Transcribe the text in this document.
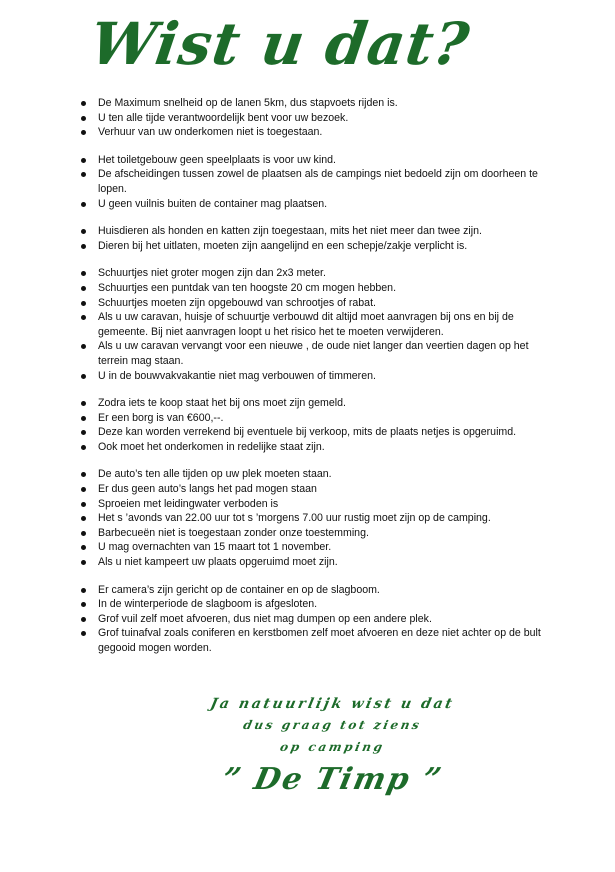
Wist u dat?
De Maximum snelheid op de lanen 5km, dus stapvoets rijden is.
U ten alle tijde verantwoordelijk bent voor uw bezoek.
Verhuur van uw onderkomen niet is toegestaan.
Het toiletgebouw geen speelplaats is voor uw kind.
De afscheidingen tussen zowel de plaatsen als de campings niet bedoeld zijn om doorheen te lopen.
U geen vuilnis buiten de container mag plaatsen.
Huisdieren als honden en katten zijn toegestaan, mits het niet meer dan twee zijn.
Dieren bij het uitlaten, moeten zijn aangelijnd en een schepje/zakje verplicht is.
Schuurtjes niet groter mogen zijn dan 2x3 meter.
Schuurtjes een puntdak van ten hoogste 20 cm mogen hebben.
Schuurtjes moeten zijn opgebouwd van schrootjes of rabat.
Als u uw caravan, huisje of schuurtje verbouwd dit altijd moet aanvragen bij ons en bij de gemeente. Bij niet aanvragen loopt u het risico het te moeten verwijderen.
Als u uw caravan vervangt voor een nieuwe , de oude niet langer dan veertien dagen op het terrein mag staan.
U in de bouwvakvakantie niet mag verbouwen of timmeren.
Zodra iets te koop staat het bij ons moet zijn gemeld.
Er een borg is van €600,--.
Deze kan worden verrekend bij eventuele bij verkoop, mits de plaats netjes is opgeruimd.
Ook moet het onderkomen in redelijke staat zijn.
De auto’s ten alle tijden op uw plek moeten staan.
Er dus geen auto’s langs het pad mogen staan
Sproeien met leidingwater verboden is
Het s ’avonds van 22.00 uur tot s ’morgens 7.00 uur rustig moet zijn op de camping.
Barbecueën niet is toegestaan zonder onze toestemming.
U mag overnachten van 15 maart tot 1 november.
Als u niet kampeert uw plaats opgeruimd moet zijn.
Er camera’s zijn gericht op de container en op de slagboom.
In de winterperiode de slagboom is afgesloten.
Grof vuil zelf moet afvoeren, dus niet mag dumpen op een andere plek.
Grof tuinafval zoals coniferen en kerstbomen zelf moet afvoeren en deze niet achter op de bult gegooid mogen worden.
Ja natuurlijk wist u dat
dus graag tot ziens
op camping
” De Timp ”
